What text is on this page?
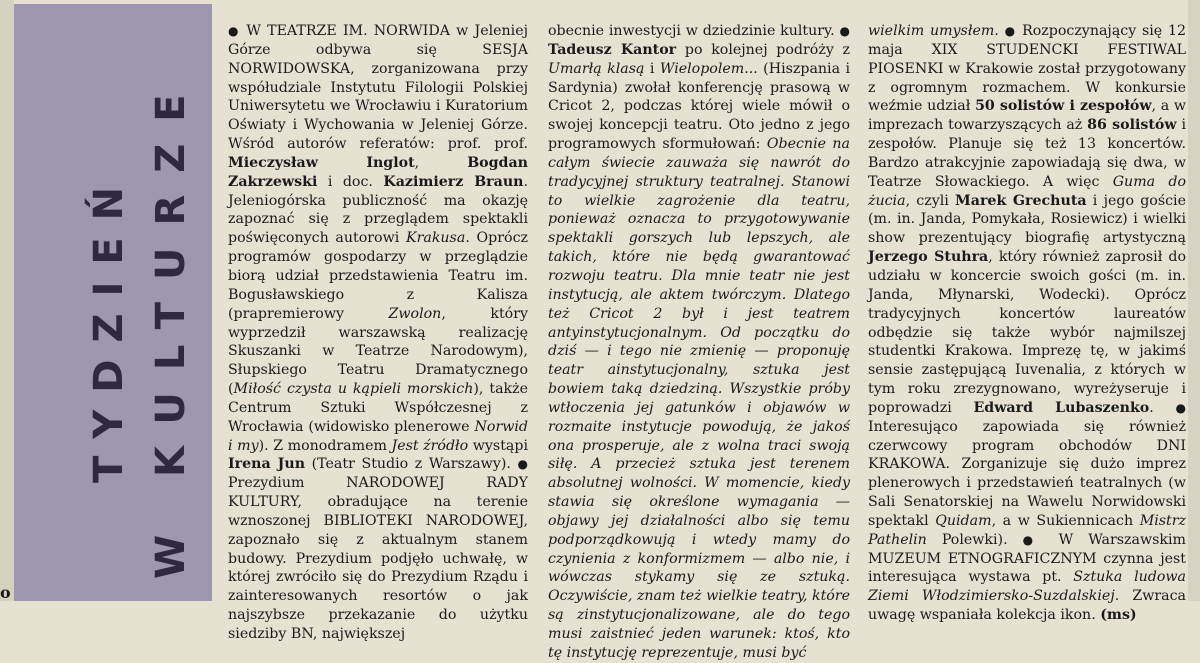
o
TYDZIEŃ W KULTURZE

● W TEATRZE IM. NORWIDA w Jeleniej Górze odbywa się SESJA NORWIDOWSKA, zorganizowana przy współudziale Instytutu Filologii Polskiej Uniwersytetu we Wrocławiu i Kuratorium Oświaty i Wychowania w Jeleniej Górze. Wśród autorów referatów: prof. prof. Mieczysław Inglot,	Bogdan Zakrzewski i doc. Kazimierz Braun. Jeleniogórska publiczność ma okazję zapoznać się z przeglądem spektakli poświęconych autorowi Krakusa. Oprócz programów gospodarzy w przeglądzie biorą udział przedstawienia Teatru im. Bogusławskiego z Kalisza (prapremierowy	Zwolon, który wyprzedził warszawską realizację Skuszanki w Teatrze Narodowym), Słupskiego Teatru Dramatycznego (Miłość czysta u kąpieli morskich), także Centrum Sztuki Współczesnej z Wrocławia (widowisko plenerowe Norwid i my). Z monodramem Jest źródło wystąpi Irena Jun (Teatr Studio z Warszawy). ● Prezydium NARODOWEJ RADY KULTURY, obradujące na terenie wznoszonej BIBLIOTEKI NARODOWEJ, zapoznało się z aktualnym stanem budowy. Prezydium podjęło uchwałę, w której zwróciło się do Prezydium Rządu i zainteresowanych resortów o jak najszybsze przekazanie do użytku siedziby BN, największej

obecnie inwestycji w dziedzinie kultury. ● Tadeusz Kantor po kolejnej podróży z Umarłą klasą i Wielopolem... (Hiszpania i Sardynia) zwołał konferencję prasową w Cricot 2, podczas której wiele mówił o swojej koncepcji teatru. Oto jedno z jego programowych sformułowań: Obecnie na całym świecie zauważa się nawrót do tradycyjnej struktury teatralnej. Stanowi to wielkie zagrożenie dla teatru, ponieważ oznacza to przygotowywanie spektakli gorszych lub lepszych, ale takich, które nie będą gwarantować rozwoju teatru. Dla mnie teatr nie jest instytucją, ale aktem twórczym. Dlatego też Cricot 2 był i jest teatrem antyinstytucjonalnym. Od początku do dziś — i tego nie zmienię — proponuję teatr ainstytucjonalny, sztuka jest bowiem taką dziedziną. Wszystkie próby wtłoczenia jej gatunków i objawów w rozmaite instytucje powodują, że jakoś ona prosperuje, ale z wolna traci swoją siłę. A przecież sztuka jest terenem absolutnej wolności. W momencie, kiedy stawia się określone wymagania — objawy jej działalności albo się temu podporządkowują i wtedy mamy do czynienia z konformizmem — albo nie, i wówczas stykamy się ze sztuką. Oczywiście, znam też wielkie teatry, które są zinstytucjonalizowane, ale do tego musi zaistnieć jeden warunek: ktoś, kto tę instytucję reprezentuje, musi być

wielkim umysłem. ● Rozpoczynający się 12 maja XIX STUDENCKI FESTIWAL PIOSENKI w Krakowie został przygotowany z ogromnym rozmachem. W konkursie weźmie udział 50 solistów i zespołów, a w imprezach towarzyszących aż 86 solistów i zespołów. Planuje się też 13 koncertów. Bardzo atrakcyjnie zapowiadają się dwa, w Teatrze Słowackiego. A więc Guma do żucia, czyli Marek Grechuta i jego goście (m. in. Janda, Pomykała, Rosiewicz) i wielki show prezentujący biografię artystyczną Jerzego Stuhra, który również zaprosił do udziału w koncercie swoich gości (m. in. Janda, Młynarski, Wodecki). Oprócz tradycyjnych koncertów laureatów odbędzie się także wybór najmilszej studentki Krakowa. Imprezę tę, w jakimś sensie zastępującą Iuvenalia, z których w tym roku zrezygnowano, wyreżyseruje i poprowadzi Edward Lubaszenko. ● Interesująco zapowiada się również czerwcowy program obchodów DNI KRAKOWA. Zorganizuje się dużo imprez plenerowych i przedstawień teatralnych (w Sali Senatorskiej na Wawelu Norwidowski spektakl Quidam, a w Sukiennicach Mistrz Pathelin Polewki). ● W Warszawskim MUZEUM ETNOGRAFICZNYM czynna jest interesująca wystawa pt. Sztuka ludowa Ziemi Włodzimiersko-Suzdalskiej. Zwraca uwagę wspaniała kolekcja ikon. (ms)
